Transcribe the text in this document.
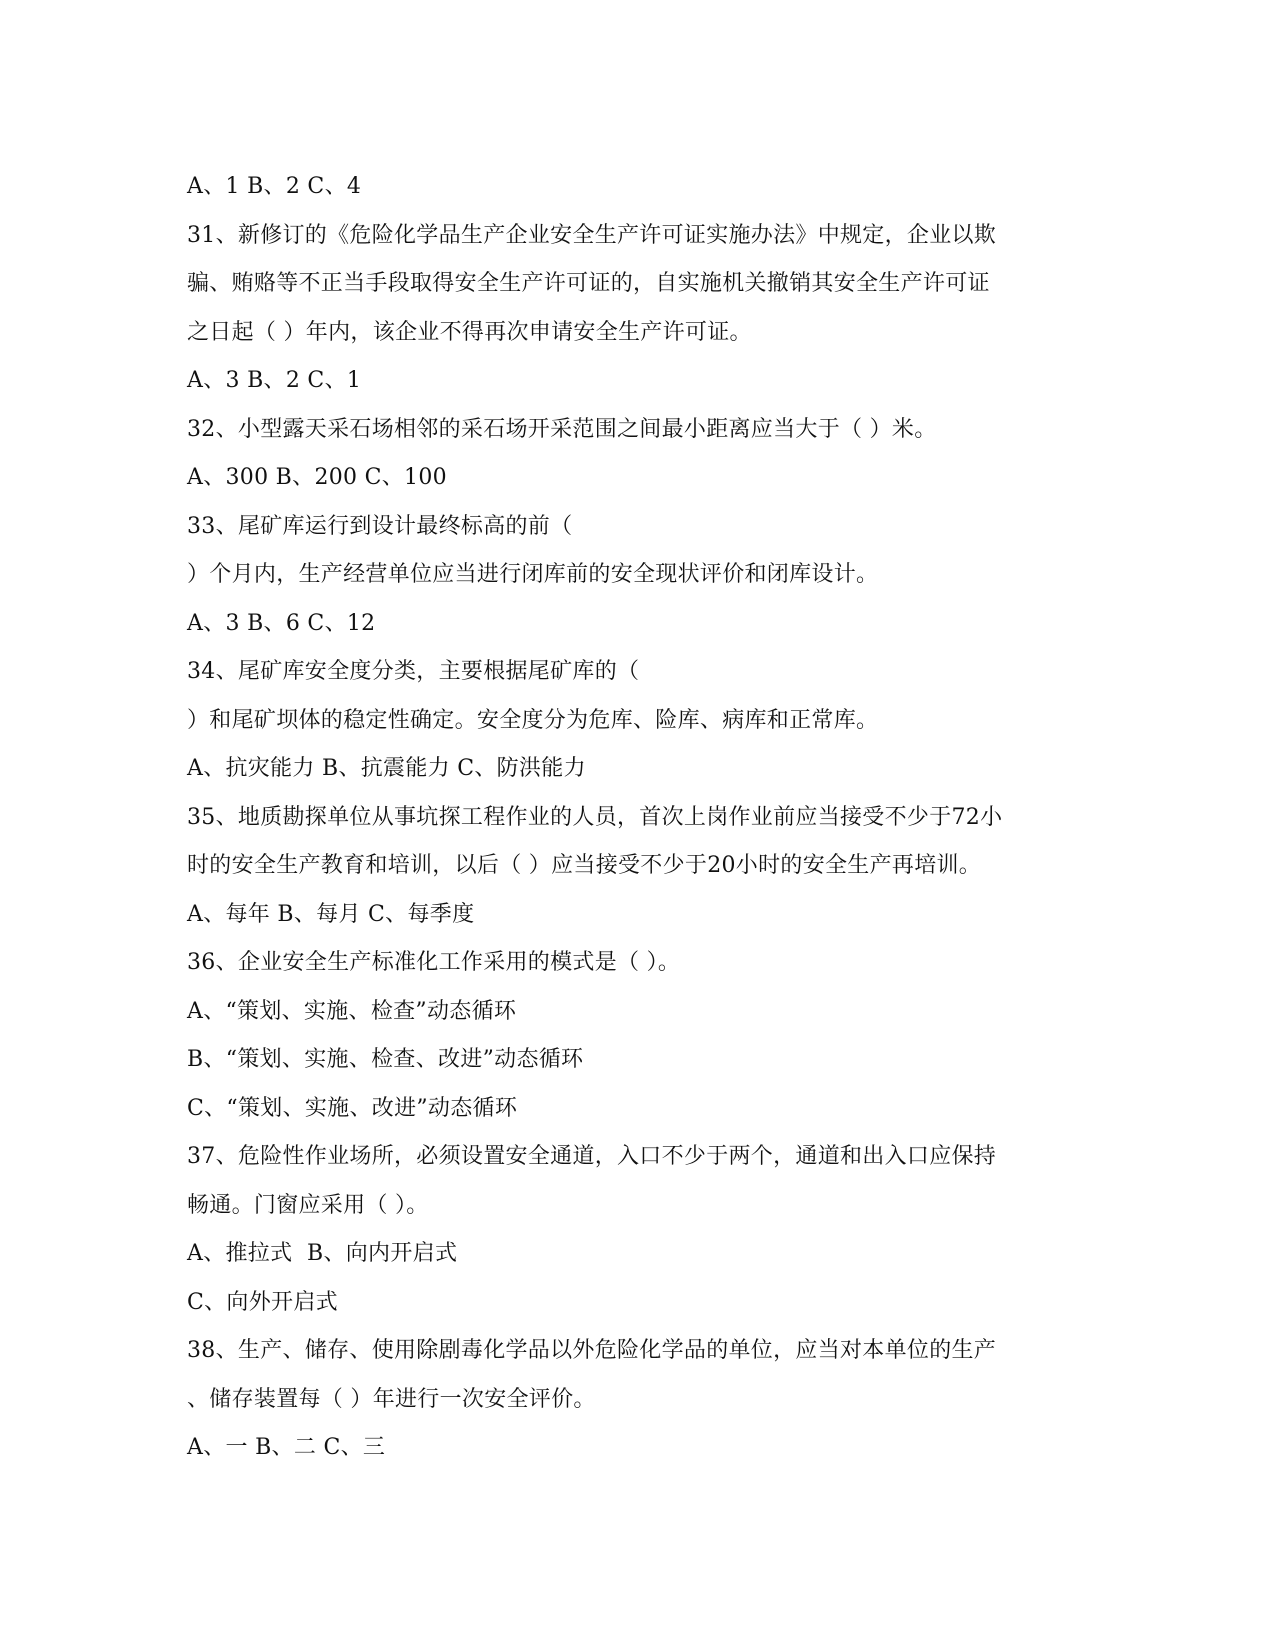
A、1 B、2 C、4
31、新修订的《危险化学品生产企业安全生产许可证实施办法》中规定，企业以欺
骗、贿赂等不正当手段取得安全生产许可证的，自实施机关撤销其安全生产许可证
之日起（ ）年内，该企业不得再次申请安全生产许可证。
A、3 B、2 C、1
32、小型露天采石场相邻的采石场开采范围之间最小距离应当大于（ ）米。
A、300 B、200 C、100
33、尾矿库运行到设计最终标高的前（
）个月内，生产经营单位应当进行闭库前的安全现状评价和闭库设计。
A、3 B、6 C、12
34、尾矿库安全度分类，主要根据尾矿库的（
）和尾矿坝体的稳定性确定。安全度分为危库、险库、病库和正常库。
A、抗灾能力 B、抗震能力 C、防洪能力
35、地质勘探单位从事坑探工程作业的人员，首次上岗作业前应当接受不少于72小
时的安全生产教育和培训，以后（ ）应当接受不少于20小时的安全生产再培训。
A、每年 B、每月 C、每季度
36、企业安全生产标准化工作采用的模式是（ ）。
A、“策划、实施、检查”动态循环
B、“策划、实施、检查、改进”动态循环
C、“策划、实施、改进”动态循环
37、危险性作业场所，必须设置安全通道，入口不少于两个，通道和出入口应保持
畅通。门窗应采用（ ）。
A、推拉式  B、向内开启式
C、向外开启式
38、生产、储存、使用除剧毒化学品以外危险化学品的单位，应当对本单位的生产
、储存装置每（ ）年进行一次安全评价。
A、一 B、二 C、三
